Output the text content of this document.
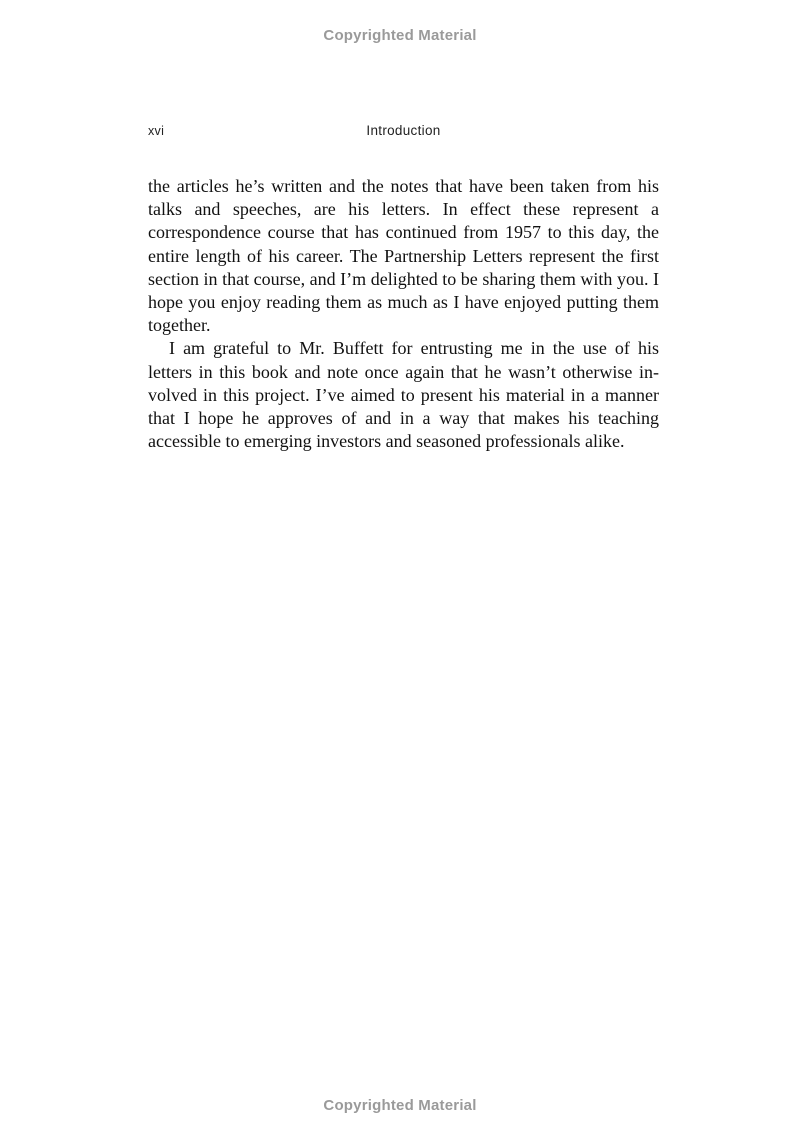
Copyrighted Material
xvi	Introduction

the articles he’s written and the notes that have been taken from his talks and speeches, are his letters. In effect these represent a correspondence course that has continued from 1957 to this day, the entire length of his career. The Partnership Letters represent the first section in that course, and I’m delighted to be sharing them with you. I hope you enjoy reading them as much as I have enjoyed putting them together.

I am grateful to Mr. Buffett for entrusting me in the use of his letters in this book and note once again that he wasn’t otherwise involved in this project. I’ve aimed to present his material in a manner that I hope he approves of and in a way that makes his teaching accessible to emerging investors and seasoned professionals alike.

Copyrighted Material
